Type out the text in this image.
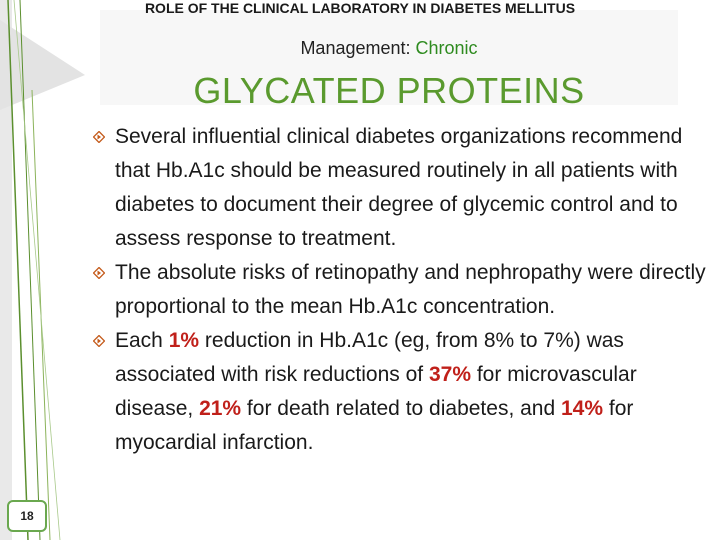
ROLE OF THE CLINICAL LABORATORY IN DIABETES MELLITUS
Management: Chronic
GLYCATED PROTEINS

Several influential clinical diabetes organizations recommend that Hb.A1c should be measured routinely in all patients with diabetes to document their degree of glycemic control and to assess response to treatment.

The absolute risks of retinopathy and nephropathy were directly proportional to the mean Hb.A1c concentration.

Each 1% reduction in Hb.A1c (eg, from 8% to 7%) was associated with risk reductions of 37% for microvascular disease, 21% for death related to diabetes, and 14% for myocardial infarction.

18
